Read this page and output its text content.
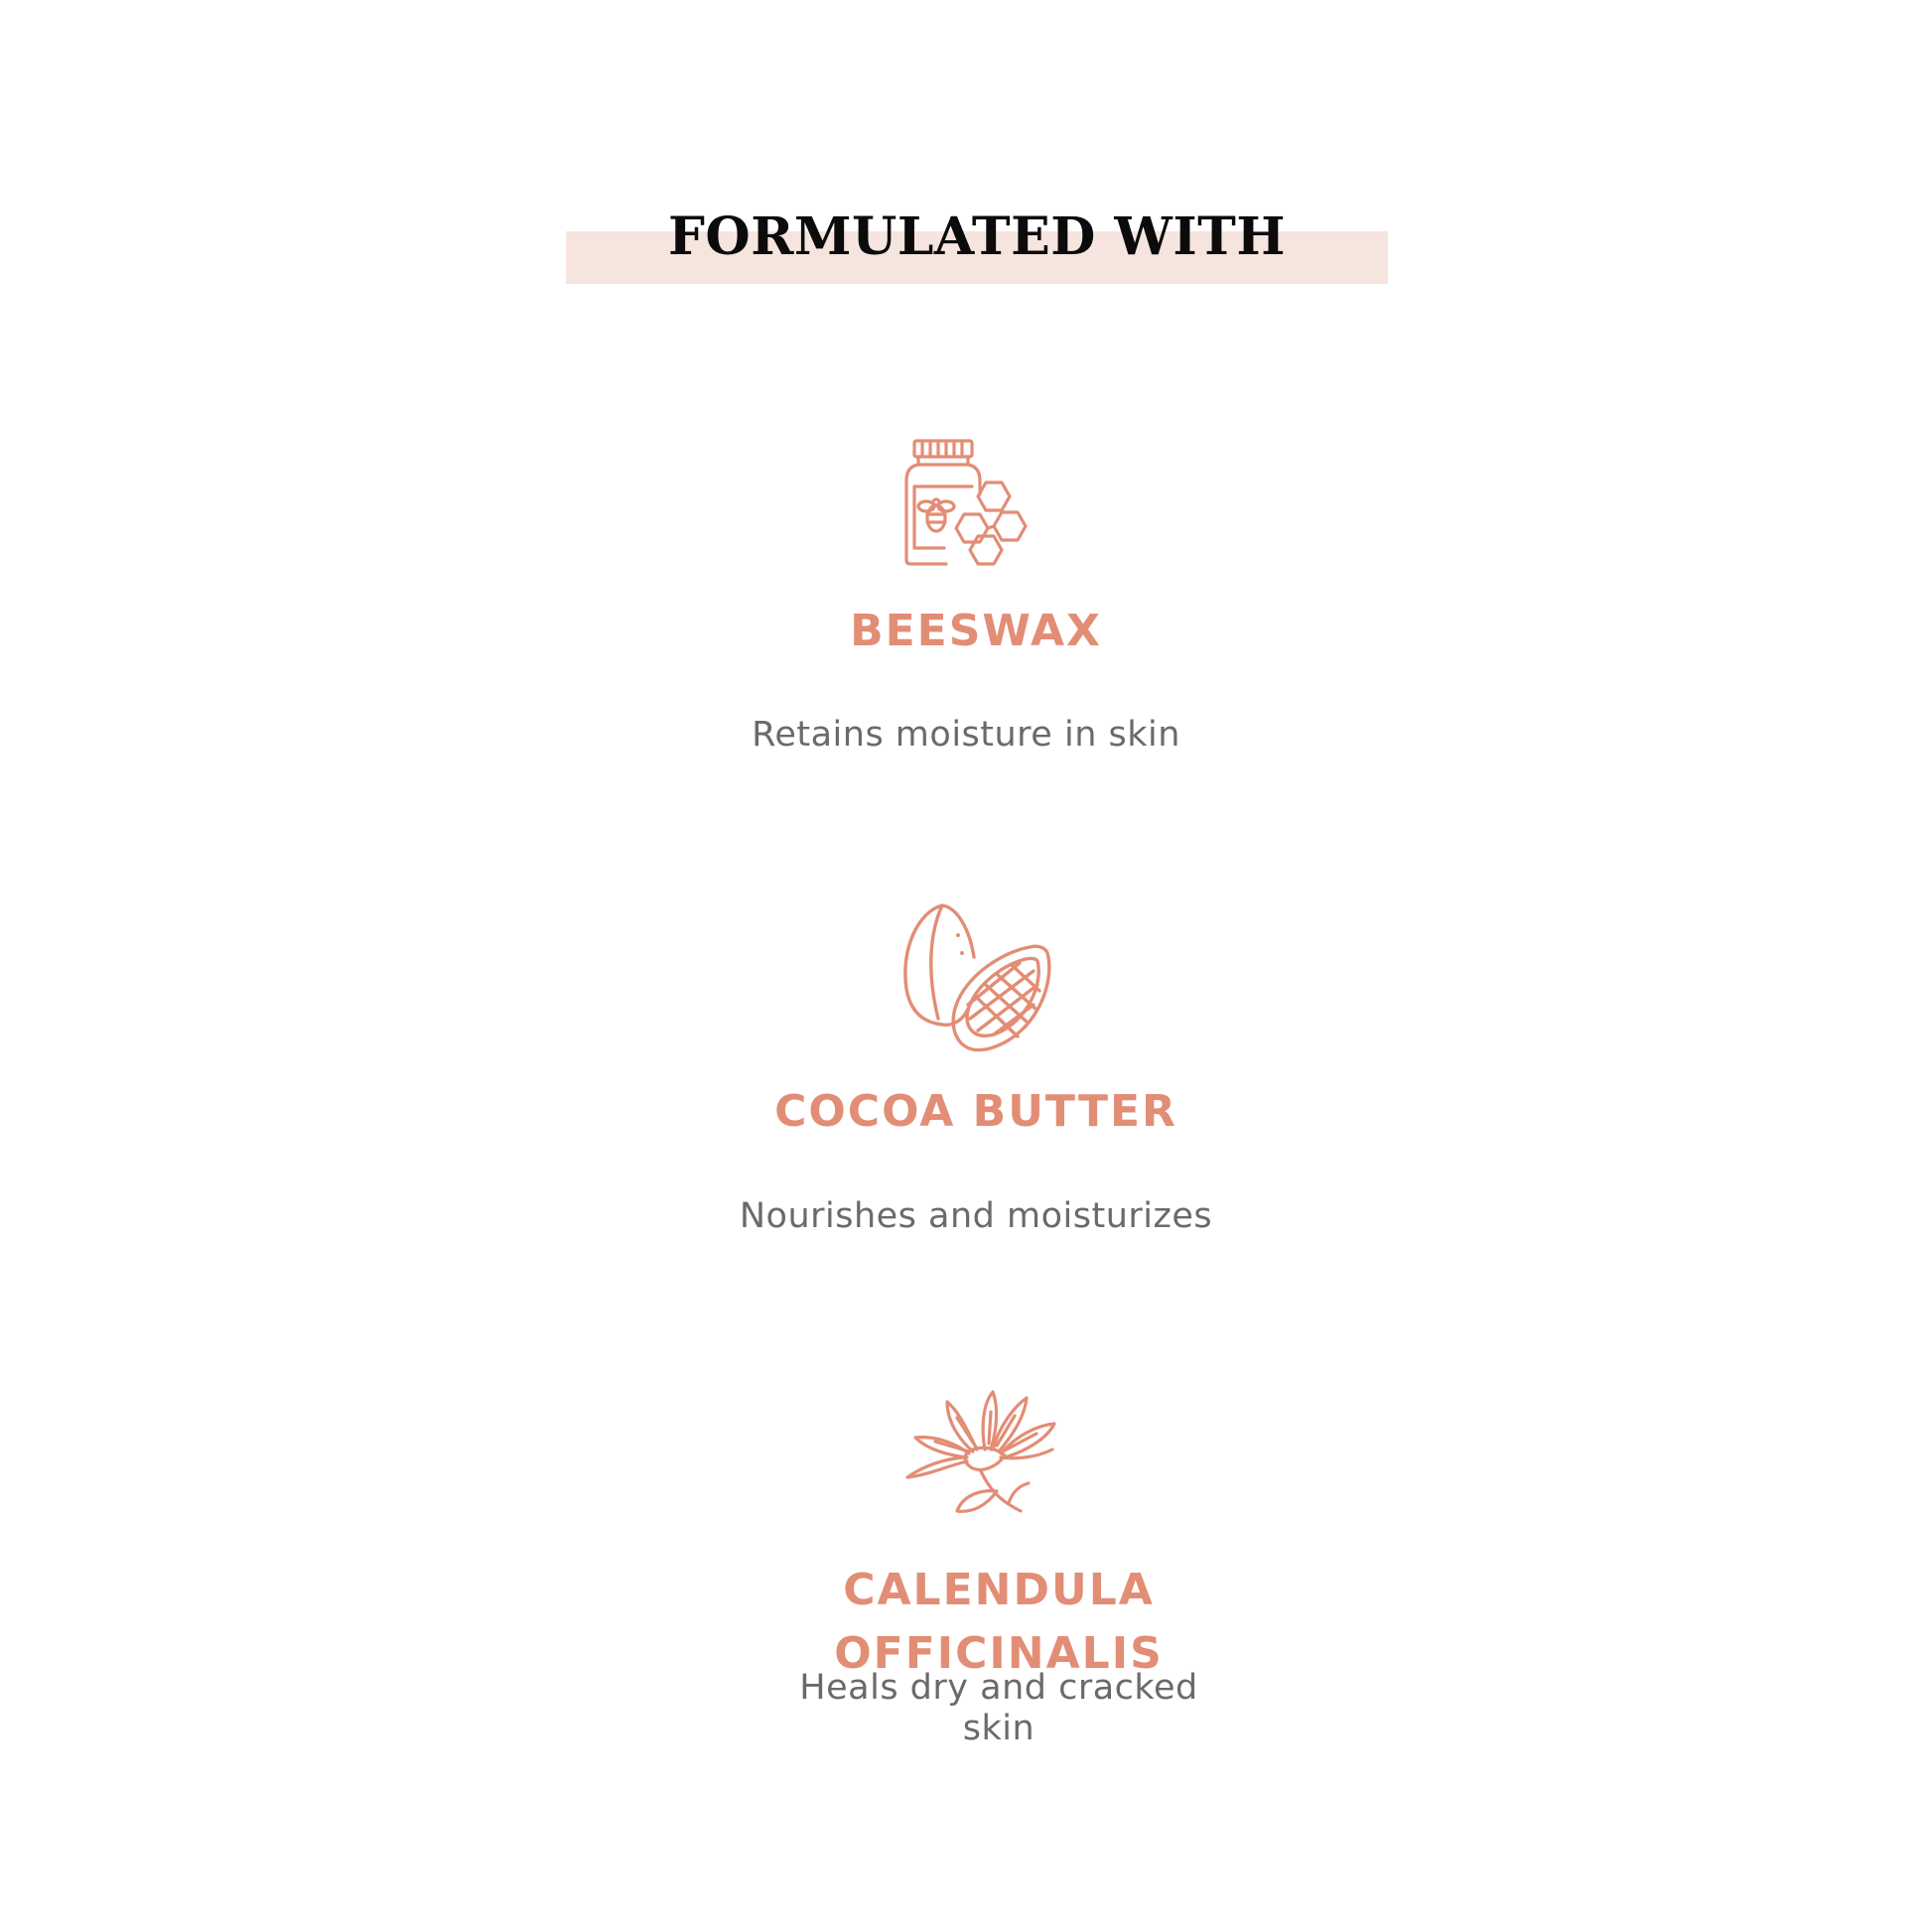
FORMULATED WITH
BEESWAX

Retains moisture in skin

COCOA BUTTER

Nourishes and moisturizes

CALENDULA OFFICINALIS

Heals dry and cracked skin
